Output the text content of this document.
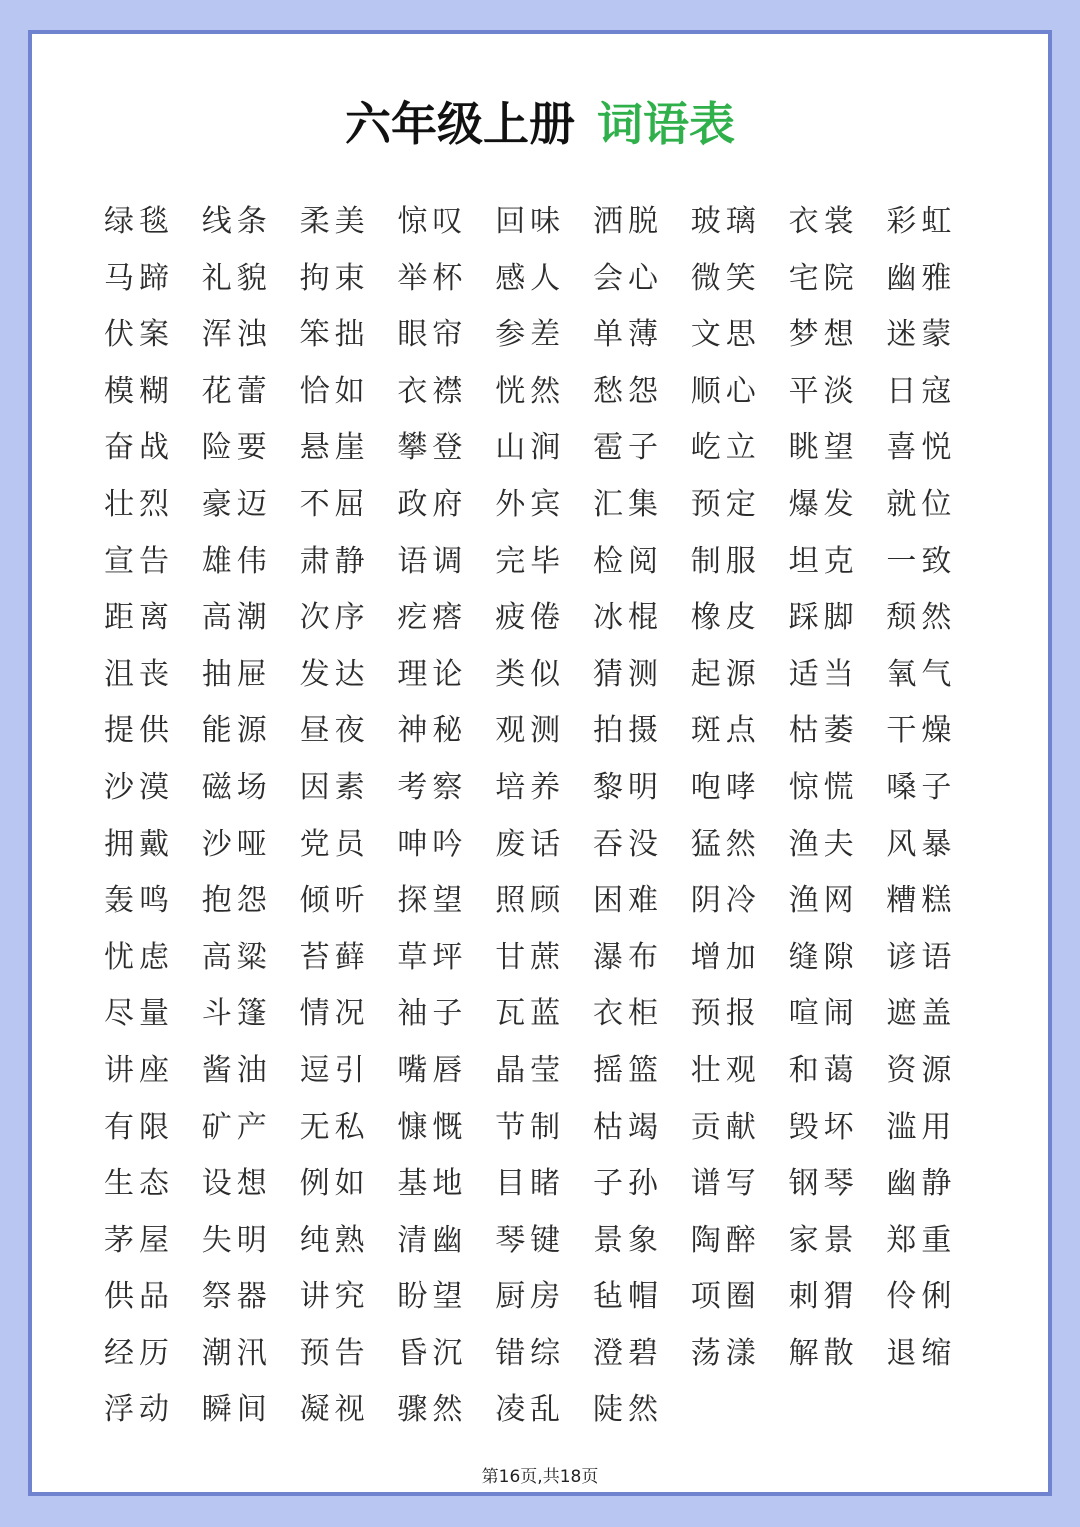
六年级上册 词语表
绿毯 线条 柔美 惊叹 回味 洒脱 玻璃 衣裳 彩虹
马蹄 礼貌 拘束 举杯 感人 会心 微笑 宅院 幽雅
伏案 浑浊 笨拙 眼帘 参差 单薄 文思 梦想 迷蒙
模糊 花蕾 恰如 衣襟 恍然 愁怨 顺心 平淡 日寇
奋战 险要 悬崖 攀登 山涧 雹子 屹立 眺望 喜悦
壮烈 豪迈 不屈 政府 外宾 汇集 预定 爆发 就位
宣告 雄伟 肃静 语调 完毕 检阅 制服 坦克 一致
距离 高潮 次序 疙瘩 疲倦 冰棍 橡皮 踩脚 颓然
沮丧 抽屉 发达 理论 类似 猜测 起源 适当 氧气
提供 能源 昼夜 神秘 观测 拍摄 斑点 枯萎 干燥
沙漠 磁场 因素 考察 培养 黎明 咆哮 惊慌 嗓子
拥戴 沙哑 党员 呻吟 废话 吞没 猛然 渔夫 风暴
轰鸣 抱怨 倾听 探望 照顾 困难 阴冷 渔网 糟糕
忧虑 高粱 苔藓 草坪 甘蔗 瀑布 增加 缝隙 谚语
尽量 斗篷 情况 袖子 瓦蓝 衣柜 预报 喧闹 遮盖
讲座 酱油 逗引 嘴唇 晶莹 摇篮 壮观 和蔼 资源
有限 矿产 无私 慷慨 节制 枯竭 贡献 毁坏 滥用
生态 设想 例如 基地 目睹 子孙 谱写 钢琴 幽静
茅屋 失明 纯熟 清幽 琴键 景象 陶醉 家景 郑重
供品 祭器 讲究 盼望 厨房 毡帽 项圈 刺猬 伶俐
经历 潮汛 预告 昏沉 错综 澄碧 荡漾 解散 退缩
浮动 瞬间 凝视 骤然 凌乱 陡然
第16页,共18页
